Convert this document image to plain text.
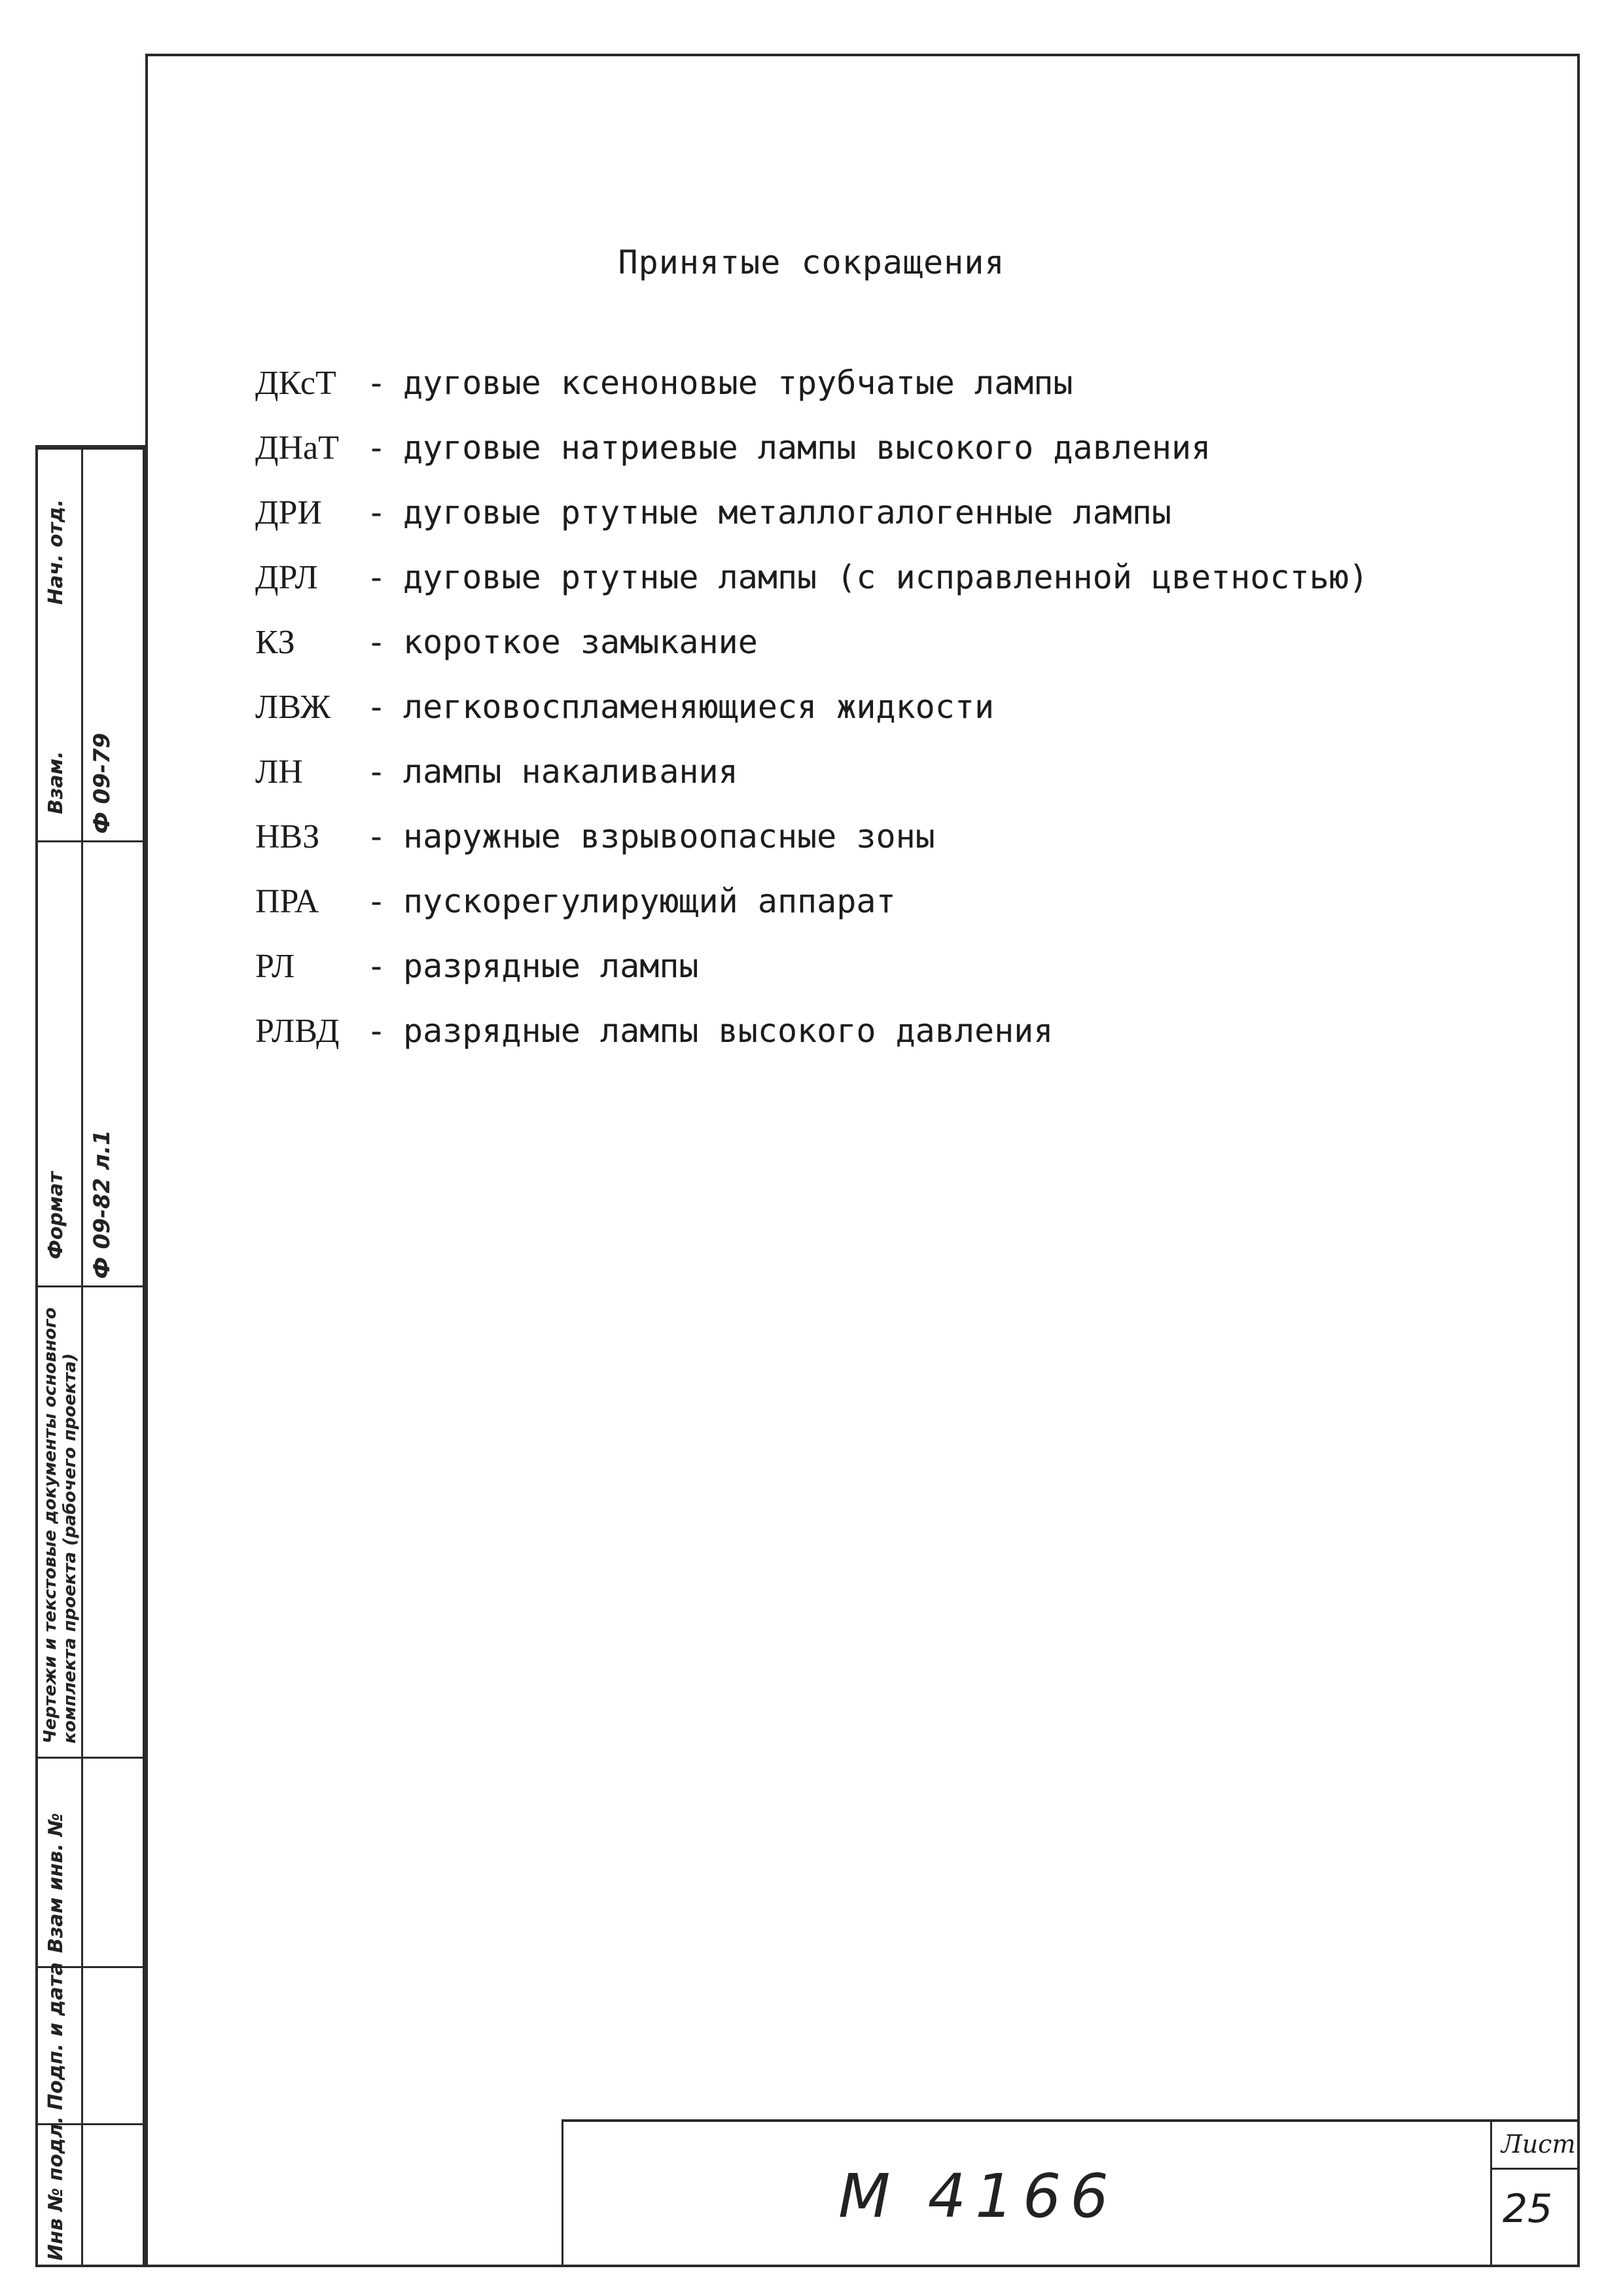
Принятые сокращения
ДКсТ - дуговые ксеноновые трубчатые лампы
ДНаТ - дуговые натриевые лампы высокого давления
ДРИ	- дуговые ртутные металлогалогенные лампы
ДРЛ	- дуговые ртутные лампы (с исправленной цветностью)
КЗ	- короткое замыкание
ЛВЖ	- легковоспламеняющиеся жидкости
ЛН	- лампы накаливания
НВЗ	- наружные взрывоопасные зоны
ПРА	- пускорегулирующий аппарат
РЛ	- разрядные лампы
РЛВД - разрядные лампы высокого давления
Инв № подл.
Подп. и дата
Взам инв. №
Чертежи и текстовые документы основного комплекта проекта (рабочего проекта)
Формат
Взам.
Нач. отд.
Ф 09-82 л.1
Ф 09-79
М 4166
Лист
25
